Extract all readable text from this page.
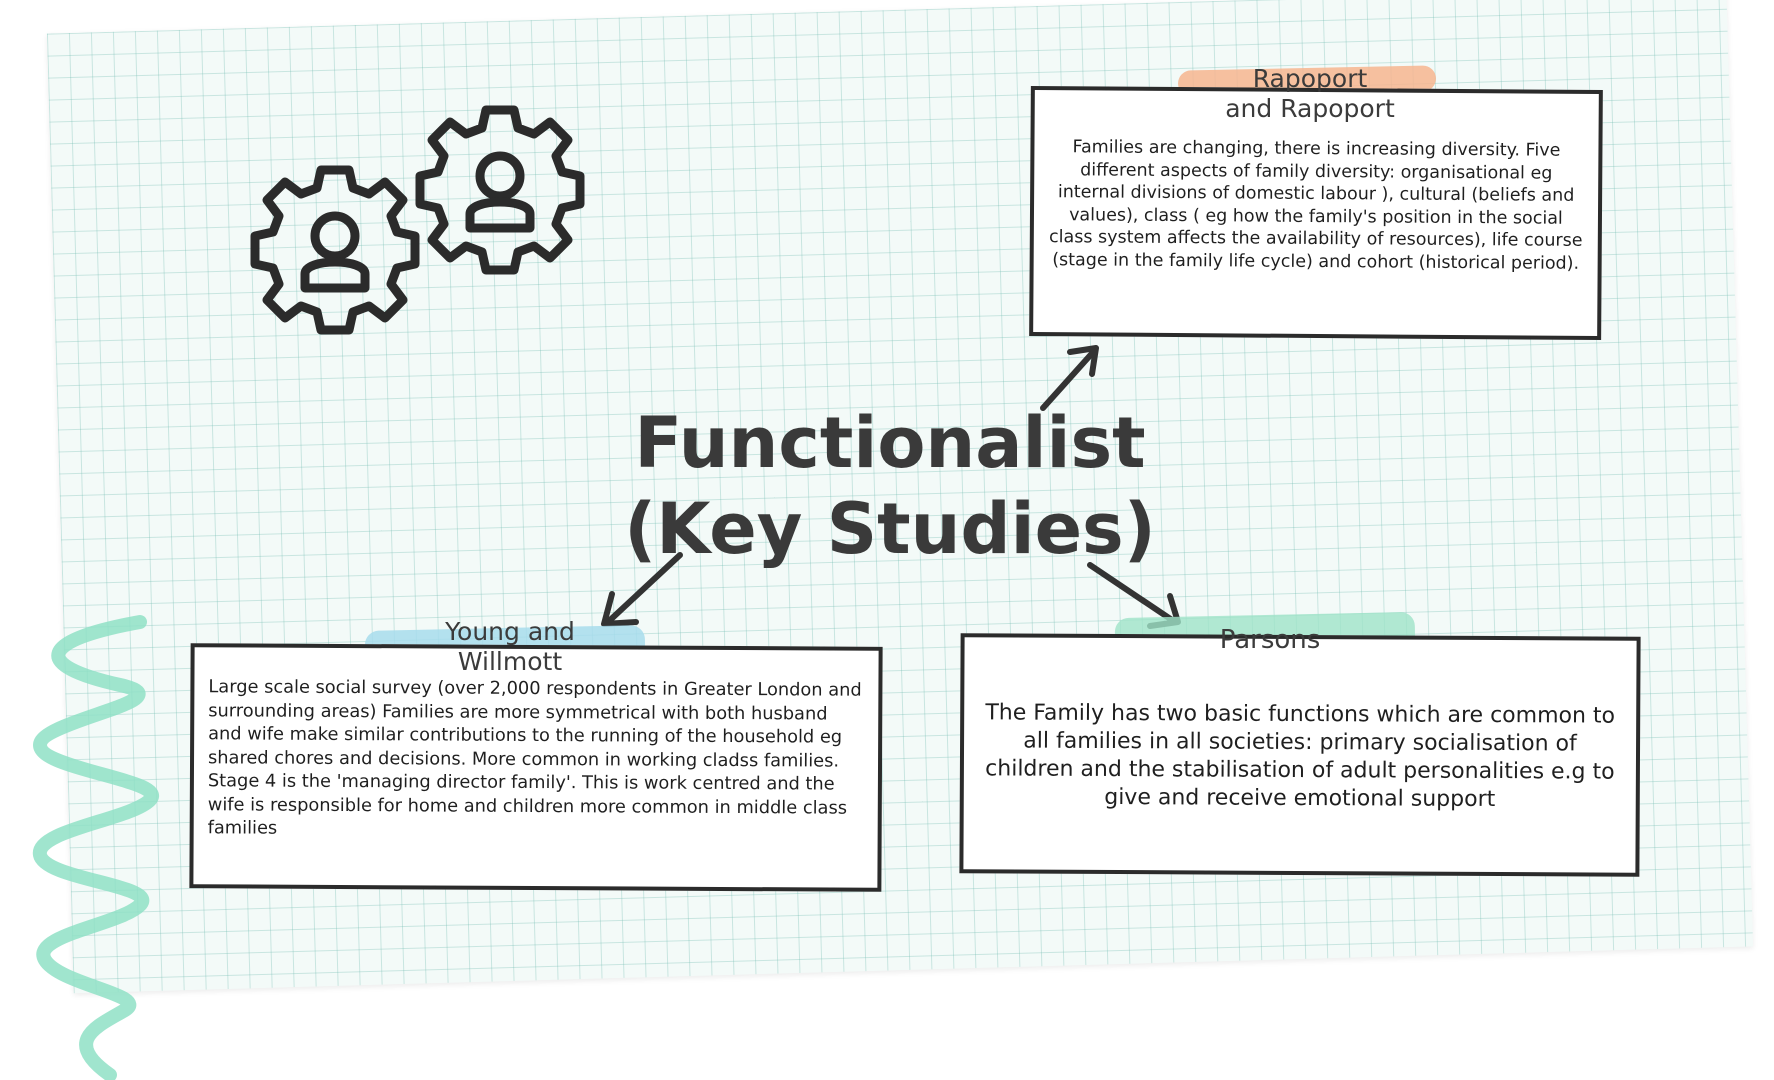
Functionalist
(Key Studies)

Families are changing, there is increasing diversity. Five different aspects of family diversity: organisational eg internal divisions of domestic labour ), cultural (beliefs and values), class ( eg how the family's position in the social class system affects the availability of resources), life course (stage in the family life cycle) and cohort (historical period).

Rapoport
and Rapoport

Large scale social survey (over 2,000 respondents in Greater London and surrounding areas) Families are more symmetrical with both husband and wife make similar contributions to the running of the household eg shared chores and decisions. More common in working cladss families.
Stage 4 is the 'managing director family'. This is work centred and the wife is responsible for home and children more common in middle class families

Young and
Willmott

The Family has two basic functions which are common to all families in all societies: primary socialisation of children and the stabilisation of adult personalities e.g to give and receive emotional support

Parsons
